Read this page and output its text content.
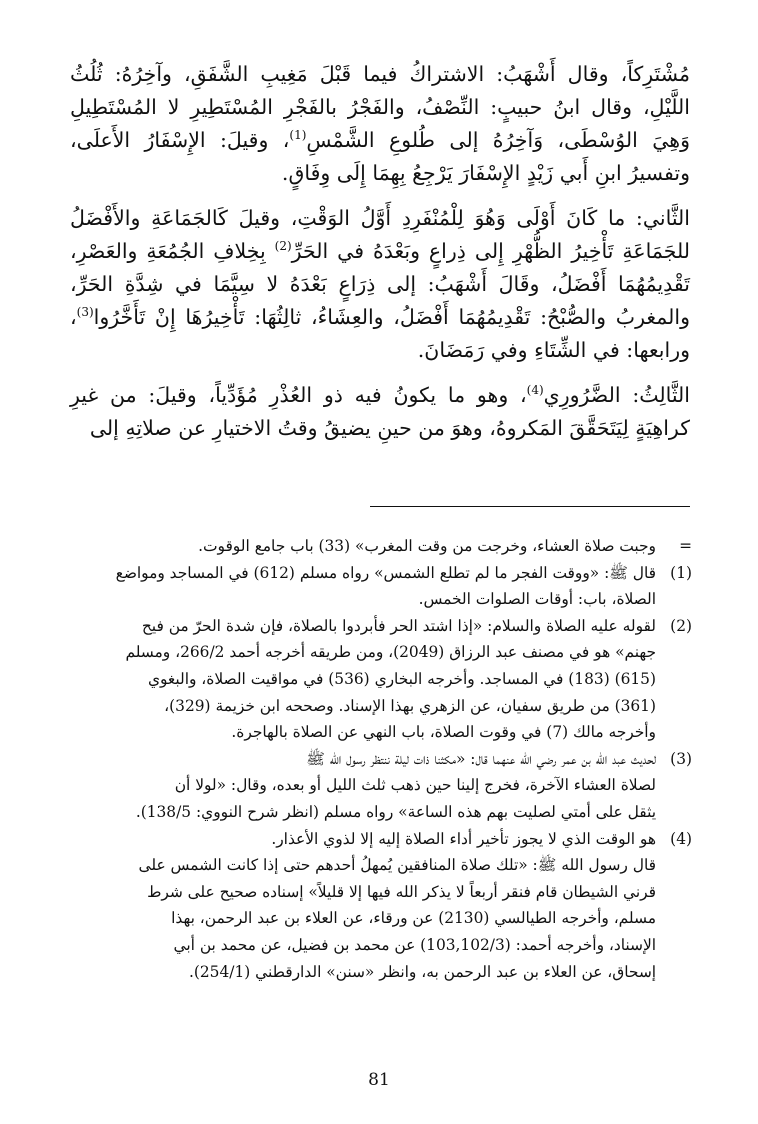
مُشْتَرِكاً، وقال أَشْهَبُ: الاشتراكُ فيما قَبْلَ مَغِيبِ الشَّفَقِ، وآخِرُهُ: ثُلُثُ اللَّيْلِ، وقال ابنُ حبيبٍ: النِّصْفُ، والفَجْرُ بالفَجْرِ المُسْتَطِيرِ لا المُسْتَطِيلِ وَهِيَ الوُسْطَى، وَآخِرُهُ إلى طُلوعِ الشَّمْسِ$^{(1)}$، وقيلَ: الإِسْفَارُ الأَعلَى، وتفسيرُ ابنِ أَبي زَيْدٍ الإِسْفَارَ يَرْجِعُ بِهِمَا إِلَى وِفَاقٍ.

الثَّاني: ما كَانَ أَوْلَى وَهُوَ لِلْمُنْفَرِدِ أَوَّلُ الوَقْتِ، وقيلَ كَالجَمَاعَةِ والأَفْضَلُ للجَمَاعَةِ تَأْخِيرُ الظُّهْرِ إِلى ذِراعٍ وبَعْدَهُ في الحَرِّ$^{(2)}$ بِخِلافِ الجُمُعَةِ والعَصْرِ، تَقْدِيمُهُمَا أَفْضَلُ، وقَالَ أَشْهَبُ: إلى ذِرَاعٍ بَعْدَهُ لا سِيَّمَا في شِدَّةِ الحَرِّ، والمغربُ والصُّبْحُ: تَقْدِيمُهُمَا أَفْضَلُ، والعِشَاءُ، ثالِثُهَا: تَأْخِيرُهَا إِنْ تَأَخَّرُوا$^{(3)}$، ورابعها: في الشِّتَاءِ وفي رَمَضَانَ.

الثَّالِثُ: الضَّرُورِي$^{(4)}$، وهو ما يكونُ فيه ذو العُذْرِ مُؤَدِّياً، وقيلَ: من غيرِ كراهِيَةٍ لِيَتَحَقَّقَ المَكروهُ، وهوَ من حينِ يضيقُ وقتُ الاختيارِ عن صلاتِهِ إلى

=
وجبت صلاة العشاء، وخرجت من وقت المغرب» (33) باب جامع الوقوت.
(1)
قال ﷺ: «ووقت الفجر ما لم تطلع الشمس» رواه مسلم (612) في المساجد ومواضع
الصلاة، باب: أوقات الصلوات الخمس.
(2)
لقوله عليه الصلاة والسلام: «إذا اشتد الحر فأبردوا بالصلاة، فإن شدة الحرّ من فيح
جهنم» هو في مصنف عبد الرزاق (2049)، ومن طريقه أخرجه أحمد 266/2، ومسلم
(615) (183) في المساجد. وأخرجه البخاري (536) في مواقيت الصلاة، والبغوي
(361) من طريق سفيان، عن الزهري بهذا الإسناد. وصححه ابن خزيمة (329)،
وأخرجه مالك (7) في وقوت الصلاة، باب النهي عن الصلاة بالهاجرة.
(3)
لحديث عبد الله بن عمر رضي الله عنهما قال: «مكثنا ذات ليلة ننتظر رسول الله ﷺ
لصلاة العشاء الآخرة، فخرج إلينا حين ذهب ثلث الليل أو بعده، وقال: «لولا أن
يثقل على أمتي لصليت بهم هذه الساعة» رواه مسلم (انظر شرح النووي: 138/5).
(4)
هو الوقت الذي لا يجوز تأخير أداء الصلاة إليه إلا لذوي الأعذار.
قال رسول الله ﷺ: «تلك صلاة المنافقين يُمهلُ أحدهم حتى إذا كانت الشمس على
قرني الشيطان قام فنقر أربعاً لا يذكر الله فيها إلا قليلاً» إسناده صحيح على شرط
مسلم، وأخرجه الطيالسي (2130) عن ورقاء، عن العلاء بن عبد الرحمن، بهذا
الإسناد، وأخرجه أحمد: (103,102/3) عن محمد بن فضيل، عن محمد بن أبي
إسحاق، عن العلاء بن عبد الرحمن به، وانظر «سنن» الدارقطني (254/1).
81
